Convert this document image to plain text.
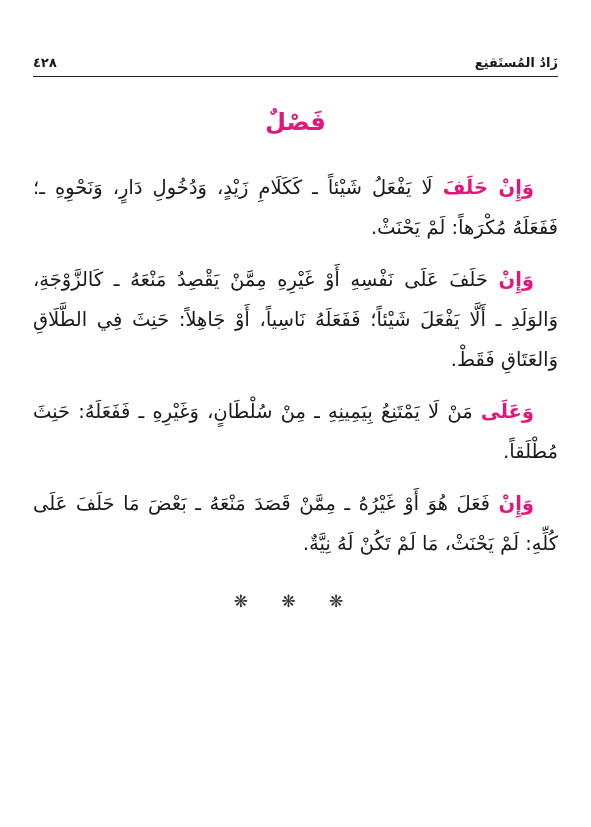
٤٢٨	زَادُ المُستَقنِع
فَصْلٌ

وَإِنْ حَلَفَ لَا يَفْعَلُ شَيْئاً ـ كَكَلَامِ زَيْدٍ، وَدُخُولِ دَارٍ، وَنَحْوِهِ ـ؛ فَفَعَلَهُ مُكْرَهاً: لَمْ يَحْنَثْ.

وَإِنْ حَلَفَ عَلَى نَفْسِهِ أَوْ غَيْرِهِ مِمَّنْ يَقْصِدُ مَنْعَهُ ـ كَالزَّوْجَةِ، وَالوَلَدِ ـ أَلَّا يَفْعَلَ شَيْئاً؛ فَفَعَلَهُ نَاسِياً، أَوْ جَاهِلاً: حَنِثَ فِي الطَّلَاقِ وَالعَتَاقِ فَقَطْ.

وَعَلَى مَنْ لَا يَمْتَنِعُ بِيَمِينِهِ ـ مِنْ سُلْطَانٍ، وَغَيْرِهِ ـ فَفَعَلَهُ: حَنِثَ مُطْلَقاً.

وَإِنْ فَعَلَ هُوَ أَوْ غَيْرُهُ ـ مِمَّنْ قَصَدَ مَنْعَهُ ـ بَعْضَ مَا حَلَفَ عَلَى كُلِّهِ: لَمْ يَحْنَثْ، مَا لَمْ تَكُنْ لَهُ نِيَّةٌ.

❋ ❋ ❋
